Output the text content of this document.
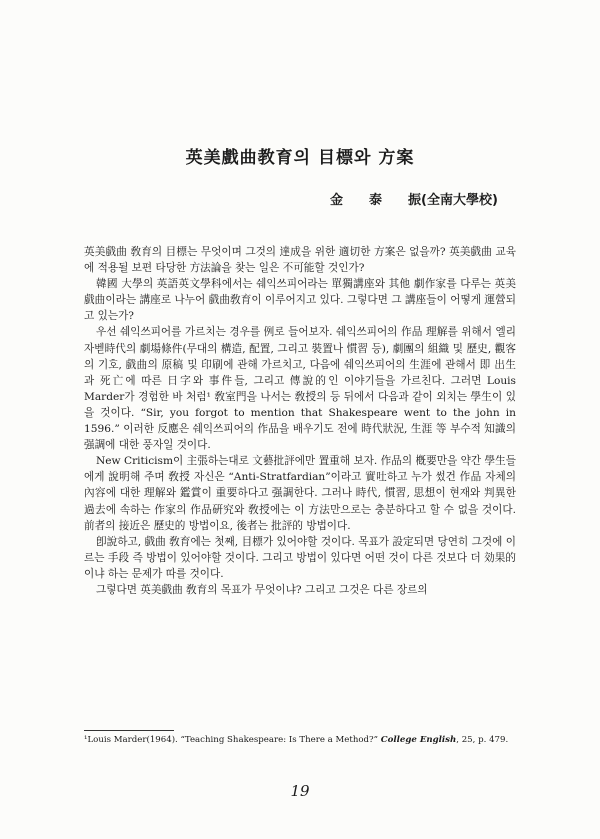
英美戲曲教育의 目標와 方案
金 泰 振(全南大學校)

英美戲曲 敎育의 目標는 무엇이며 그것의 達成을 위한 適切한 方案은 없을까? 英美戲曲 교육에 적용될 보편 타당한 方法論을 찾는 일은 不可能할 것인가?

韓國 大學의 英語英文學科에서는 쉐익쓰피어라는 單獨講座와 其他 劇作家를 다루는 英美戲曲이라는 講座로 나누어 戲曲敎育이 이루어지고 있다. 그렇다면 그 講座들이 어떻게 運營되고 있는가?

우선 쉐익쓰피어를 가르치는 경우를 例로 들어보자. 쉐익쓰피어의 作品 理解를 위해서 엘리자벧時代의 劇場條件(무대의 構造, 配置, 그리고 裝置나 慣習 등), 劇團의 組織 및 歷史, 觀客의 기호, 戲曲의 原稿 및 印刷에 관해 가르치고, 다음에 쉐익쓰피어의 生涯에 관해서 即 出生과 死亡에 따른 日字와 事件들, 그리고 傳說的인 이야기들을 가르친다. 그러면 Louis Marder가 경험한 바 처럼¹ 敎室門을 나서는 敎授의 등 뒤에서 다음과 같이 외치는 學生이 있을 것이다. “Sir, you forgot to mention that Shakespeare went to the john in 1596.” 이러한 反應은 쉐익쓰피어의 作品을 배우기도 전에 時代狀況, 生涯 等 부수적 知識의 强調에 대한 풍자일 것이다.

New Criticism이 主張하는대로 文藝批評에만 置重해 보자. 作品의 槪要만을 약간 學生들에게 說明해 주며 敎授 자신은 “Anti-Stratfardian”이라고 實吐하고 누가 썼건 作品 자체의 內容에 대한 理解와 鑑賞이 重要하다고 强調한다. 그러나 時代, 慣習, 思想이 현재와 判異한 過去에 속하는 作家의 作品硏究와 敎授에는 이 方法만으로는 충분하다고 할 수 없을 것이다. 前者의 接近은 歷史的 방법이요, 後者는 批評的 방법이다.

卽說하고, 戲曲 敎育에는 첫째, 目標가 있어야할 것이다. 목표가 設定되면 당연히 그것에 이르는 手段 즉 방법이 있어야할 것이다. 그리고 방법이 있다면 어떤 것이 다른 것보다 더 効果的이냐 하는 문제가 따를 것이다.

그렇다면 英美戲曲 敎育의 목표가 무엇이냐? 그리고 그것은 다른 장르의

¹Louis Marder(1964). “Teaching Shakespeare: Is There a Method?” College English, 25, p. 479.
19
